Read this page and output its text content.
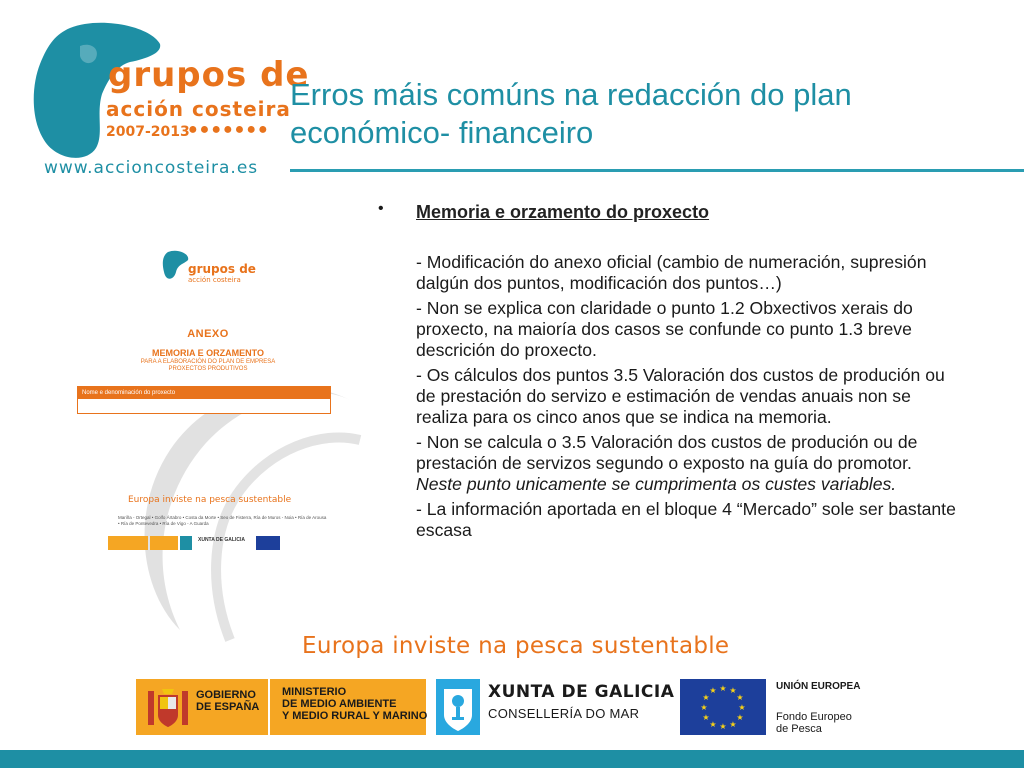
grupos de
acción costeira
2007-2013
●●●●●●●
www.accioncosteira.es
Erros máis comúns na redacción do plan económico- financeiro
grupos de
acción costeira
ANEXO
MEMORIA E ORZAMENTO
PARA A ELABORACIÓN DO PLAN DE EMPRESA
PROXECTOS PRODUTIVOS
Nome e denominación do proxecto
Europa inviste na pesca sustentable
Mariña - Ortegal • Golfo Ártabro • Costa da Morte • Seo de Fisterra, Ría de Muros - Noia • Ría de Arousa • Ría de Pontevedra • Ría de Vigo - A Guarda
XUNTA DE GALICIA
• Memoria e orzamento do proxecto

- Modificación do anexo oficial (cambio de numeración, supresión dalgún dos puntos, modificación dos puntos…)

- Non se explica con claridade o punto 1.2 Obxectivos xerais do proxecto, na maioría dos casos se confunde co punto 1.3 breve descrición do proxecto.

- Os cálculos dos puntos 3.5 Valoración dos custos de produción ou de prestación do servizo e estimación de vendas anuais non se realiza para os cinco anos que se indica na memoria.

- Non se calcula o 3.5 Valoración dos custos de produción ou de prestación de servizos segundo o exposto na guía do promotor. Neste punto unicamente se cumprimenta os custes variables.

- La información aportada en el bloque 4 “Mercado” sole ser bastante escasa

Europa inviste na pesca sustentable
GOBIERNO
DE ESPAÑA
MINISTERIO
DE MEDIO AMBIENTE
Y MEDIO RURAL Y MARINO
XUNTA DE GALICIA
CONSELLERÍA DO MAR
★ ★
★
★
★
★
★
★
★
★
★
★	UNIÓN EUROPEA
Fondo Europeo
de Pesca
